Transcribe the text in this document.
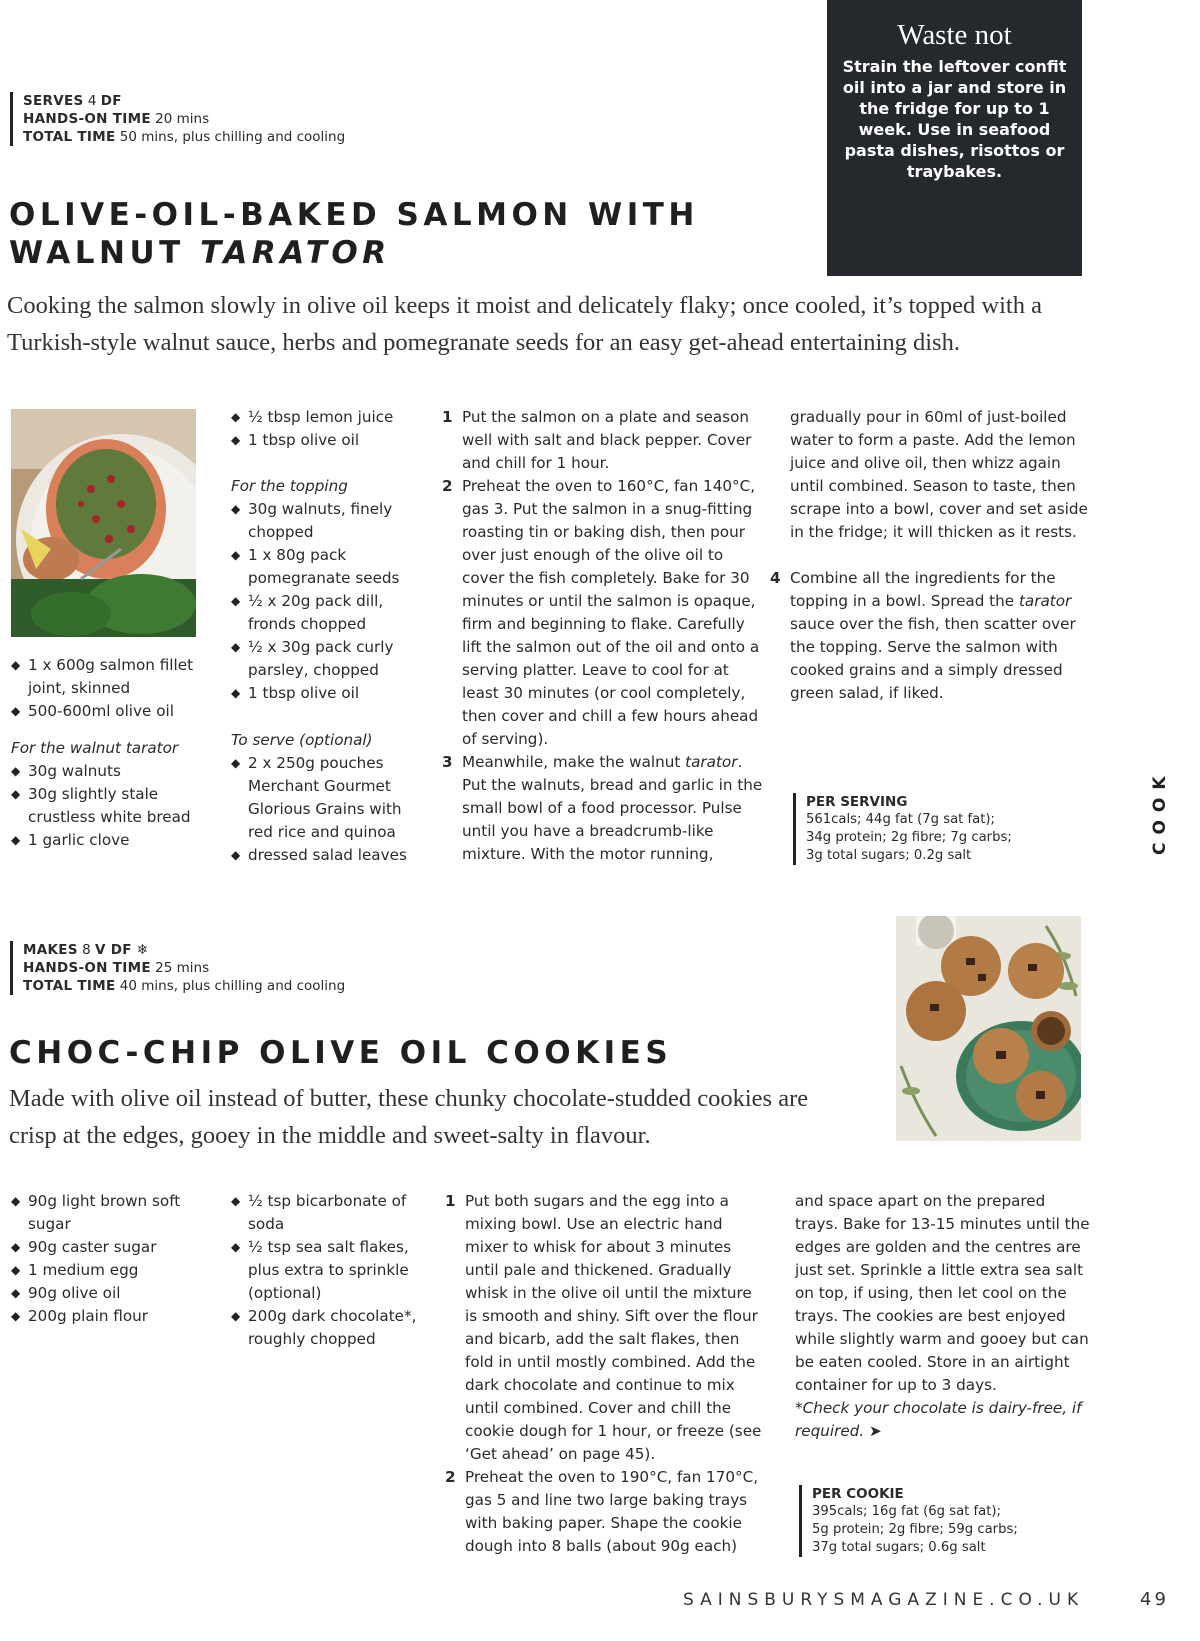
SERVES 4 DF
HANDS-ON TIME 20 mins
TOTAL TIME 50 mins, plus chilling and cooling
Waste not
Strain the leftover confit oil into a jar and store in the fridge for up to 1 week. Use in seafood pasta dishes, risottos or traybakes.
OLIVE-OIL-BAKED SALMON WITH
WALNUT TARATOR

Cooking the salmon slowly in olive oil keeps it moist and delicately flaky; once cooled, it’s topped with a Turkish-style walnut sauce, herbs and pomegranate seeds for an easy get-ahead entertaining dish.

◆ 1 x 600g salmon fillet joint, skinned
◆ 500-600ml olive oil

For the walnut tarator

◆ 30g walnuts
◆ 30g slightly stale crustless white bread
◆ 1 garlic clove
◆ ½ tbsp lemon juice
◆ 1 tbsp olive oil

For the topping

◆ 30g walnuts, finely chopped
◆ 1 x 80g pack pomegranate seeds
◆ ½ x 20g pack dill, fronds chopped
◆ ½ x 30g pack curly parsley, chopped
◆ 1 tbsp olive oil

To serve (optional)

◆ 2 x 250g pouches Merchant Gourmet Glorious Grains with red rice and quinoa
◆ dressed salad leaves
1 Put the salmon on a plate and season well with salt and black pepper. Cover and chill for 1 hour.
2 Preheat the oven to 160°C, fan 140°C, gas 3. Put the salmon in a snug-fitting roasting tin or baking dish, then pour over just enough of the olive oil to cover the fish completely. Bake for 30 minutes or until the salmon is opaque, firm and beginning to flake. Carefully lift the salmon out of the oil and onto a serving platter. Leave to cool for at least 30 minutes (or cool completely, then cover and chill a few hours ahead of serving).
3 Meanwhile, make the walnut tarator. Put the walnuts, bread and garlic in the small bowl of a food processor. Pulse until you have a breadcrumb-like mixture. With the motor running,

gradually pour in 60ml of just-boiled water to form a paste. Add the lemon juice and olive oil, then whizz again until combined. Season to taste, then scrape into a bowl, cover and set aside in the fridge; it will thicken as it rests.

4 Combine all the ingredients for the topping in a bowl. Spread the tarator sauce over the fish, then scatter over the topping. Serve the salmon with cooked grains and a simply dressed green salad, if liked.
PER SERVING
561cals; 44g fat (7g sat fat);
34g protein; 2g fibre; 7g carbs;
3g total sugars; 0.2g salt
COOK
MAKES 8 V DF ❄
HANDS-ON TIME 25 mins
TOTAL TIME 40 mins, plus chilling and cooling
CHOC-CHIP OLIVE OIL COOKIES

Made with olive oil instead of butter, these chunky chocolate-studded cookies are crisp at the edges, gooey in the middle and sweet-salty in flavour.

◆ 90g light brown soft sugar
◆ 90g caster sugar
◆ 1 medium egg
◆ 90g olive oil
◆ 200g plain flour
◆ ½ tsp bicarbonate of soda
◆ ½ tsp sea salt flakes, plus extra to sprinkle (optional)
◆ 200g dark chocolate*, roughly chopped
1 Put both sugars and the egg into a mixing bowl. Use an electric hand mixer to whisk for about 3 minutes until pale and thickened. Gradually whisk in the olive oil until the mixture is smooth and shiny. Sift over the flour and bicarb, add the salt flakes, then fold in until mostly combined. Add the dark chocolate and continue to mix until combined. Cover and chill the cookie dough for 1 hour, or freeze (see ‘Get ahead’ on page 45).
2 Preheat the oven to 190°C, fan 170°C, gas 5 and line two large baking trays with baking paper. Shape the cookie dough into 8 balls (about 90g each)

and space apart on the prepared trays. Bake for 13-15 minutes until the edges are golden and the centres are just set. Sprinkle a little extra sea salt on top, if using, then let cool on the trays. The cookies are best enjoyed while slightly warm and gooey but can be eaten cooled. Store in an airtight container for up to 3 days.

*Check your chocolate is dairy-free, if required. ➤

PER COOKIE
395cals; 16g fat (6g sat fat);
5g protein; 2g fibre; 59g carbs;
37g total sugars; 0.6g salt
SAINSBURYSMAGAZINE.CO.UK	49
